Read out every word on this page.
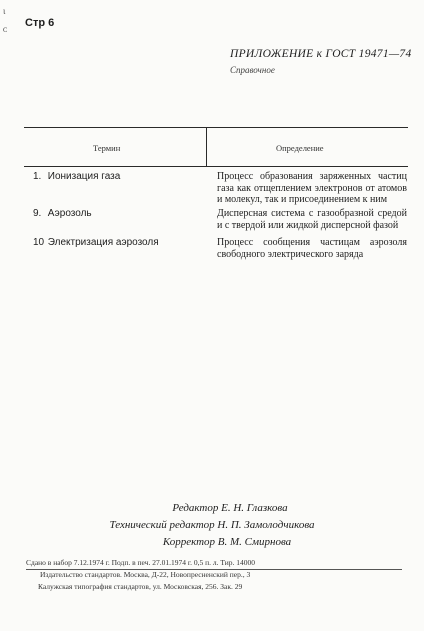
ɩ
ᴄ Стр 6
ПРИЛОЖЕНИЕ к ГОСТ 19471—74
Справочное
Термин	Определение
1. Ионизация газа	Процесс образования заряженных частиц газа как отщеплением электронов от атомов и молекул, так и присоединением к ним
9. Аэрозоль	Дисперсная система с газообразной средой и с твердой или жидкой дисперсной фазой
10 Электризация аэрозоля	Процесс сообщения частицам аэрозоля свободного электрического заряда
Редактор Е. Н. Глазкова
Технический редактор Н. П. Замолодчикова
Корректор В. М. Смирнова
Сдано в набор 7.12.1974 г. Подп. в печ. 27.01.1974 г. 0,5 п. л. Тир. 14000
Издательство стандартов. Москва, Д-22, Новопресненский пер., 3
Калужская типография стандартов, ул. Московская, 256. Зак. 29
